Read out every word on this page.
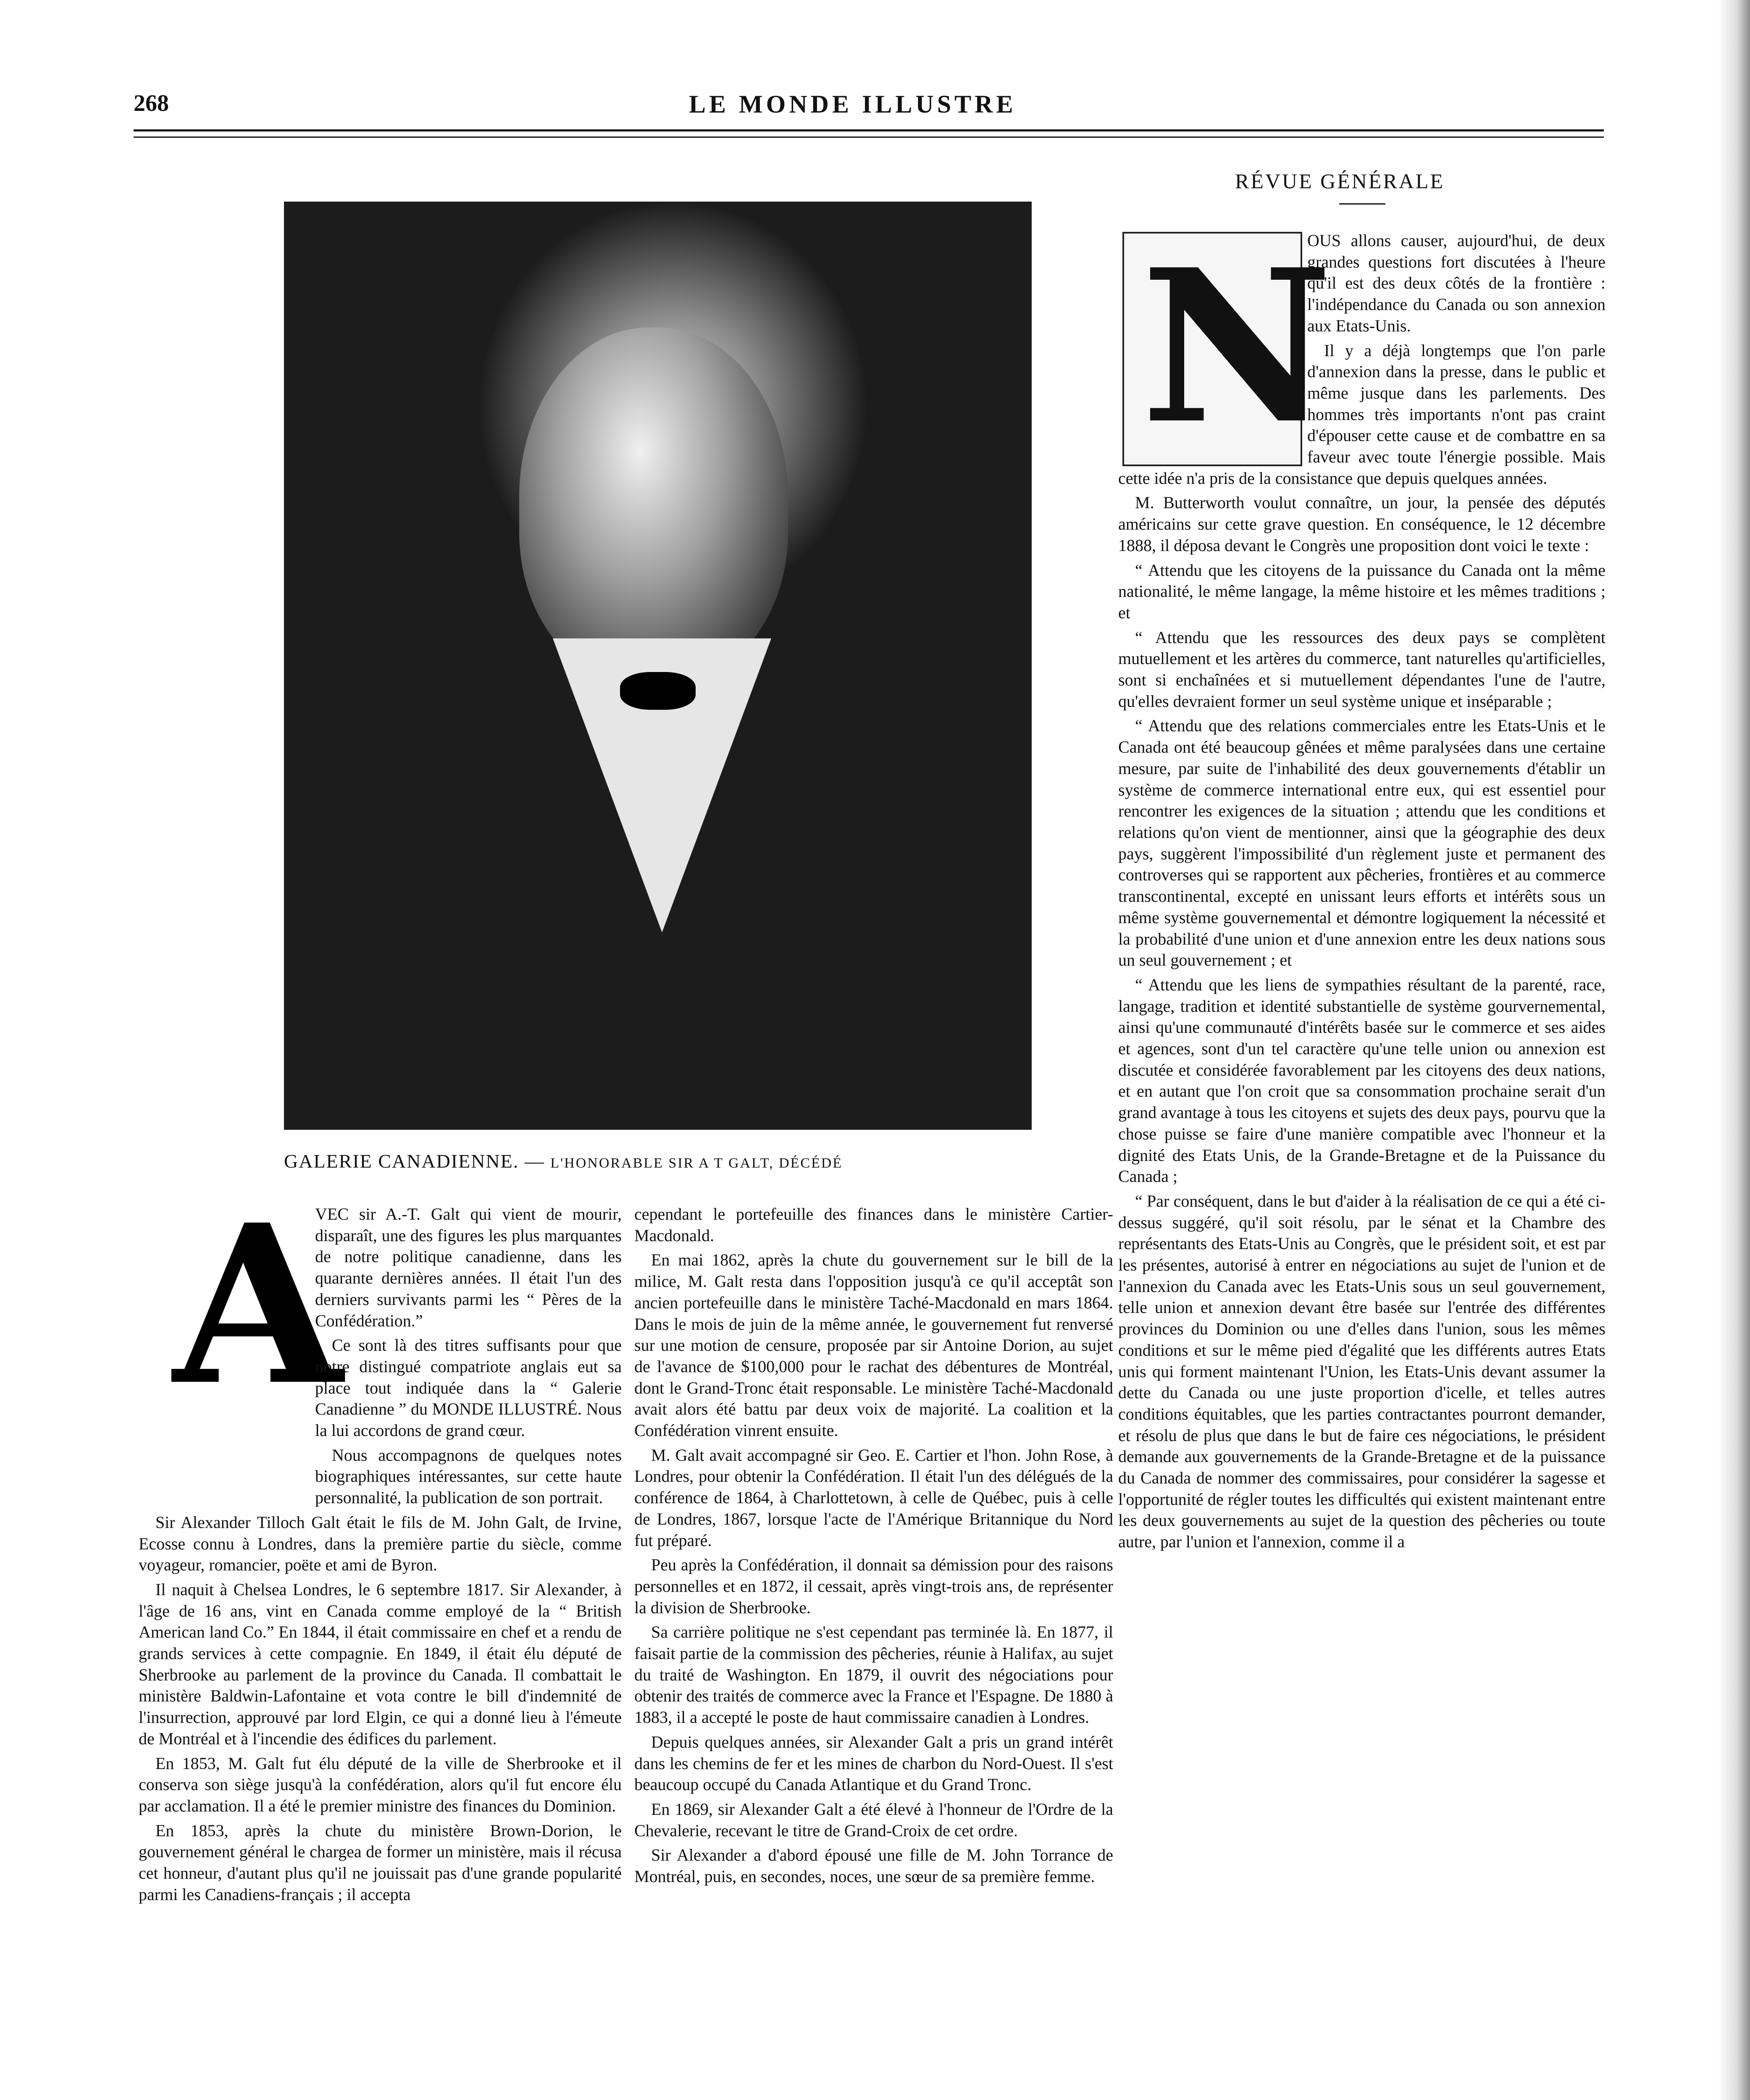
268	LE MONDE ILLUSTRE
GALERIE CANADIENNE. — L'HONORABLE SIR A T GALT, DÉCÉDÉ
A

VEC sir A.-T. Galt qui vient de mourir, disparaît, une des figures les plus marquantes de notre politique canadienne, dans les quarante dernières années. Il était l'un des derniers survivants parmi les “ Pères de la Confédération.”

Ce sont là des titres suffisants pour que notre distingué compatriote anglais eut sa place tout indiquée dans la “ Galerie Canadienne ” du MONDE ILLUSTRÉ. Nous la lui accordons de grand cœur.

Nous accompagnons de quelques notes biographiques intéressantes, sur cette haute personnalité, la publication de son portrait.

Sir Alexander Tilloch Galt était le fils de M. John Galt, de Irvine, Ecosse connu à Londres, dans la première partie du siècle, comme voyageur, romancier, poëte et ami de Byron.

Il naquit à Chelsea Londres, le 6 septembre 1817. Sir Alexander, à l'âge de 16 ans, vint en Canada comme employé de la “ British American land Co.” En 1844, il était commissaire en chef et a rendu de grands services à cette compagnie. En 1849, il était élu député de Sherbrooke au parlement de la province du Canada. Il combattait le ministère Baldwin-Lafontaine et vota contre le bill d'indemnité de l'insurrection, approuvé par lord Elgin, ce qui a donné lieu à l'émeute de Montréal et à l'incendie des édifices du parlement.

En 1853, M. Galt fut élu député de la ville de Sherbrooke et il conserva son siège jusqu'à la confédération, alors qu'il fut encore élu par acclamation. Il a été le premier ministre des finances du Dominion.

En 1853, après la chute du ministère Brown-Dorion, le gouvernement général le chargea de former un ministère, mais il récusa cet honneur, d'autant plus qu'il ne jouissait pas d'une grande popularité parmi les Canadiens-français ; il accepta

cependant le portefeuille des finances dans le ministère Cartier-Macdonald.

En mai 1862, après la chute du gouvernement sur le bill de la milice, M. Galt resta dans l'opposition jusqu'à ce qu'il acceptât son ancien portefeuille dans le ministère Taché-Macdonald en mars 1864. Dans le mois de juin de la même année, le gouvernement fut renversé sur une motion de censure, proposée par sir Antoine Dorion, au sujet de l'avance de $100,000 pour le rachat des débentures de Montréal, dont le Grand-Tronc était responsable. Le ministère Taché-Macdonald avait alors été battu par deux voix de majorité. La coalition et la Confédération vinrent ensuite.

M. Galt avait accompagné sir Geo. E. Cartier et l'hon. John Rose, à Londres, pour obtenir la Confédération. Il était l'un des délégués de la conférence de 1864, à Charlottetown, à celle de Québec, puis à celle de Londres, 1867, lorsque l'acte de l'Amérique Britannique du Nord fut préparé.

Peu après la Confédération, il donnait sa démission pour des raisons personnelles et en 1872, il cessait, après vingt-trois ans, de représenter la division de Sherbrooke.

Sa carrière politique ne s'est cependant pas terminée là. En 1877, il faisait partie de la commission des pêcheries, réunie à Halifax, au sujet du traité de Washington. En 1879, il ouvrit des négociations pour obtenir des traités de commerce avec la France et l'Espagne. De 1880 à 1883, il a accepté le poste de haut commissaire canadien à Londres.

Depuis quelques années, sir Alexander Galt a pris un grand intérêt dans les chemins de fer et les mines de charbon du Nord-Ouest. Il s'est beaucoup occupé du Canada Atlantique et du Grand Tronc.

En 1869, sir Alexander Galt a été élevé à l'honneur de l'Ordre de la Chevalerie, recevant le titre de Grand-Croix de cet ordre.

Sir Alexander a d'abord épousé une fille de M. John Torrance de Montréal, puis, en secondes, noces, une sœur de sa première femme.

RÉVUE GÉNÉRALE
N

OUS allons causer, aujourd'hui, de deux grandes questions fort discutées à l'heure qu'il est des deux côtés de la frontière : l'indépendance du Canada ou son annexion aux Etats-Unis.

Il y a déjà longtemps que l'on parle d'annexion dans la presse, dans le public et même jusque dans les parlements. Des hommes très importants n'ont pas craint d'épouser cette cause et de combattre en sa faveur avec toute l'énergie possible. Mais cette idée n'a pris de la consistance que depuis quelques années.

M. Butterworth voulut connaître, un jour, la pensée des députés américains sur cette grave question. En conséquence, le 12 décembre 1888, il déposa devant le Congrès une proposition dont voici le texte :

“ Attendu que les citoyens de la puissance du Canada ont la même nationalité, le même langage, la même histoire et les mêmes traditions ; et

“ Attendu que les ressources des deux pays se complètent mutuellement et les artères du commerce, tant naturelles qu'artificielles, sont si enchaînées et si mutuellement dépendantes l'une de l'autre, qu'elles devraient former un seul système unique et inséparable ;

“ Attendu que des relations commerciales entre les Etats-Unis et le Canada ont été beaucoup gênées et même paralysées dans une certaine mesure, par suite de l'inhabilité des deux gouvernements d'établir un système de commerce international entre eux, qui est essentiel pour rencontrer les exigences de la situation ; attendu que les conditions et relations qu'on vient de mentionner, ainsi que la géographie des deux pays, suggèrent l'impossibilité d'un règlement juste et permanent des controverses qui se rapportent aux pêcheries, frontières et au commerce transcontinental, excepté en unissant leurs efforts et intérêts sous un même système gouvernemental et démontre logiquement la nécessité et la probabilité d'une union et d'une annexion entre les deux nations sous un seul gouvernement ; et

“ Attendu que les liens de sympathies résultant de la parenté, race, langage, tradition et identité substantielle de système gourvernemental, ainsi qu'une communauté d'intérêts basée sur le commerce et ses aides et agences, sont d'un tel caractère qu'une telle union ou annexion est discutée et considérée favorablement par les citoyens des deux nations, et en autant que l'on croit que sa consommation prochaine serait d'un grand avantage à tous les citoyens et sujets des deux pays, pourvu que la chose puisse se faire d'une manière compatible avec l'honneur et la dignité des Etats Unis, de la Grande-Bretagne et de la Puissance du Canada ;

“ Par conséquent, dans le but d'aider à la réalisation de ce qui a été ci-dessus suggéré, qu'il soit résolu, par le sénat et la Chambre des représentants des Etats-Unis au Congrès, que le président soit, et est par les présentes, autorisé à entrer en négociations au sujet de l'union et de l'annexion du Canada avec les Etats-Unis sous un seul gouvernement, telle union et annexion devant être basée sur l'entrée des différentes provinces du Dominion ou une d'elles dans l'union, sous les mêmes conditions et sur le même pied d'égalité que les différents autres Etats unis qui forment maintenant l'Union, les Etats-Unis devant assumer la dette du Canada ou une juste proportion d'icelle, et telles autres conditions équitables, que les parties contractantes pourront demander, et résolu de plus que dans le but de faire ces négociations, le président demande aux gouvernements de la Grande-Bretagne et de la puissance du Canada de nommer des commissaires, pour considérer la sagesse et l'opportunité de régler toutes les difficultés qui existent maintenant entre les deux gouvernements au sujet de la question des pêcheries ou toute autre, par l'union et l'annexion, comme il a
